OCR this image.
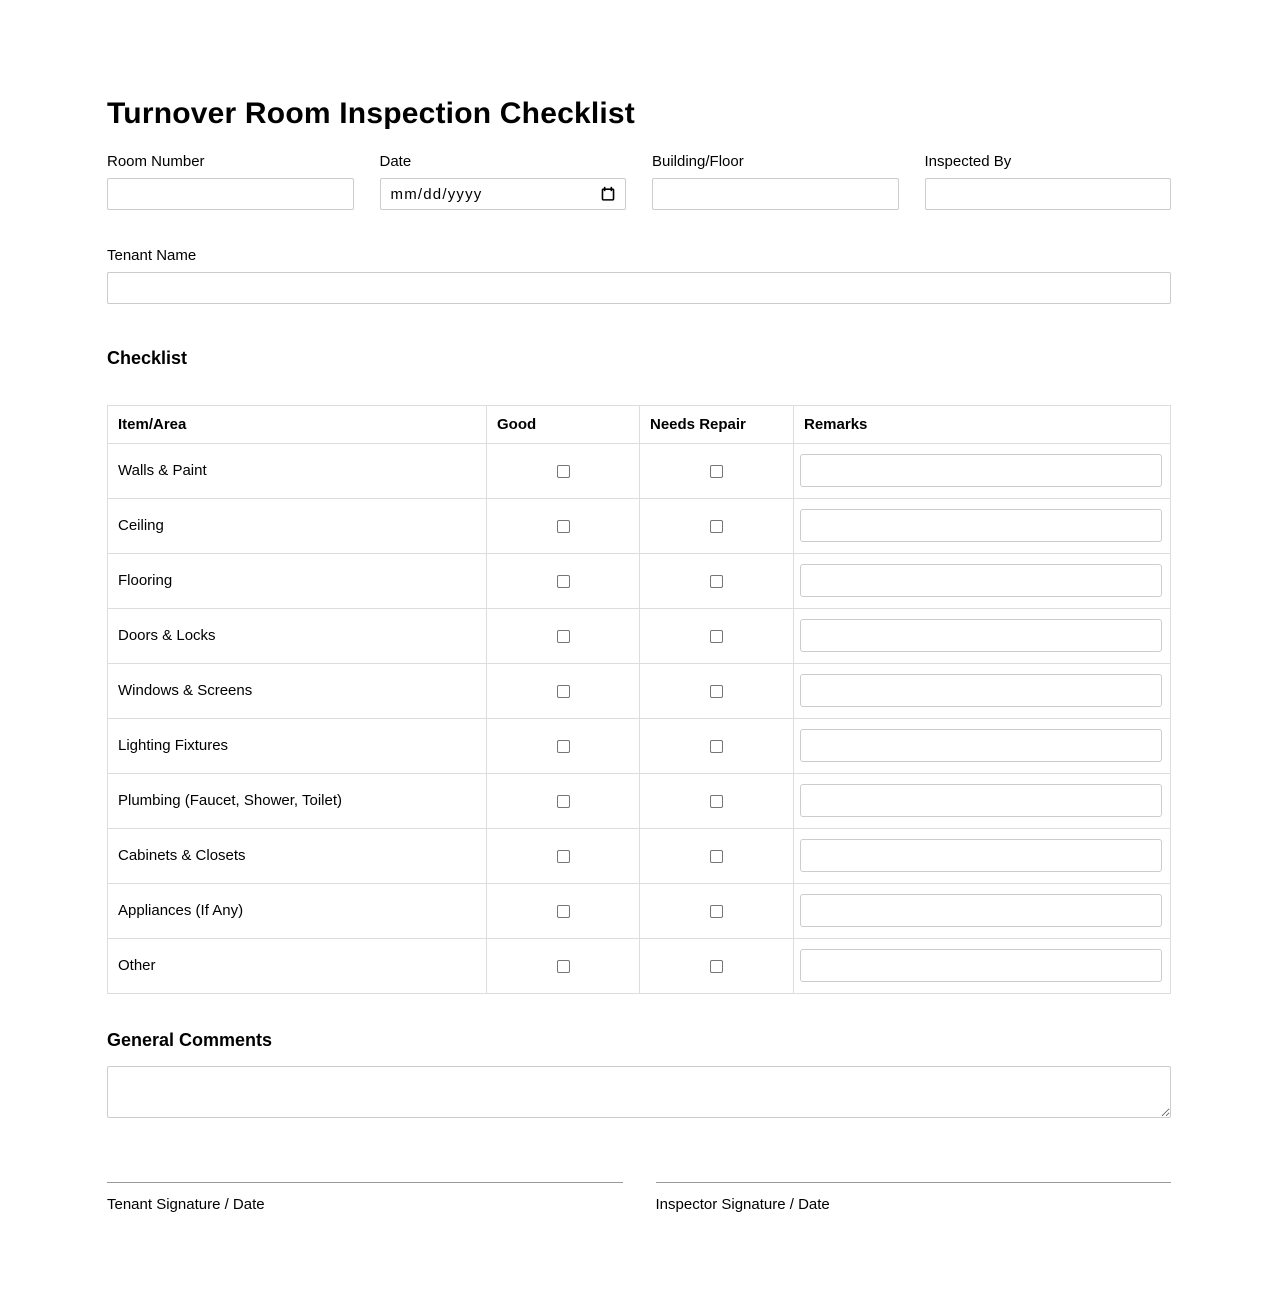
Turnover Room Inspection Checklist
Room Number	Date
mm/dd/yyyy
Building/Floor	Inspected By
Tenant Name
Checklist
Item/Area	Good	Needs Repair	Remarks
Walls & Paint			
Ceiling			
Flooring			
Doors & Locks			
Windows & Screens			
Lighting Fixtures			
Plumbing (Faucet, Shower, Toilet)			
Cabinets & Closets			
Appliances (If Any)			
Other			
General Comments
Tenant Signature / Date	Inspector Signature / Date
